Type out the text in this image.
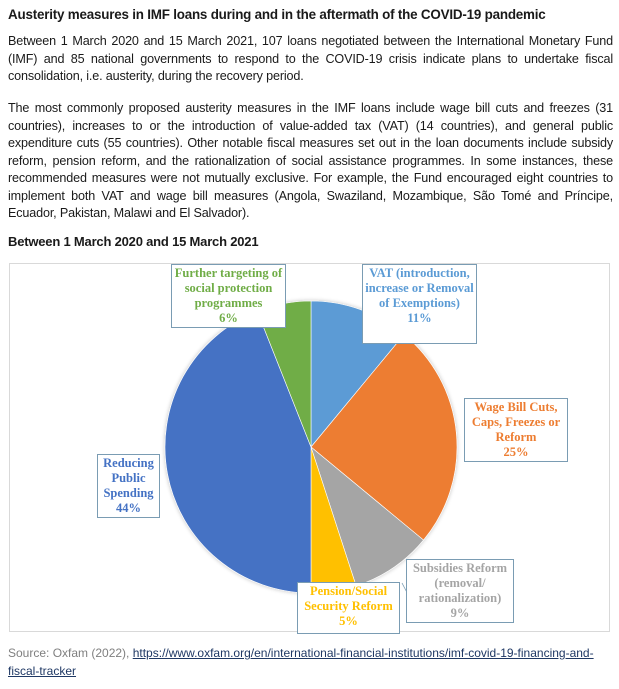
Austerity measures in IMF loans during and in the aftermath of the COVID-19 pandemic
Between 1 March 2020 and 15 March 2021, 107 loans negotiated between the International Monetary Fund (IMF) and 85 national governments to respond to the COVID-19 crisis indicate plans to undertake fiscal consolidation, i.e. austerity, during the recovery period.
The most commonly proposed austerity measures in the IMF loans include wage bill cuts and freezes (31 countries), increases to or the introduction of value-added tax (VAT) (14 countries), and general public expenditure cuts (55 countries). Other notable fiscal measures set out in the loan documents include subsidy reform, pension reform, and the rationalization of social assistance programmes. In some instances, these recommended measures were not mutually exclusive. For example, the Fund encouraged eight countries to implement both VAT and wage bill measures (Angola, Swaziland, Mozambique, São Tomé and Príncipe, Ecuador, Pakistan, Malawi and El Salvador).
Between 1 March 2020 and 15 March 2021
Further targeting of social protection programmes
6%
VAT (introduction, increase or Removal of Exemptions)
11%
Wage Bill Cuts, Caps, Freezes or Reform
25%
Reducing Public Spending
44%
Subsidies Reform (removal/ rationalization)
9%
Pension/Social Security Reform
5%
Source: Oxfam (2022), https://www.oxfam.org/en/international-financial-institutions/imf-covid-19-financing-and-fiscal-tracker
